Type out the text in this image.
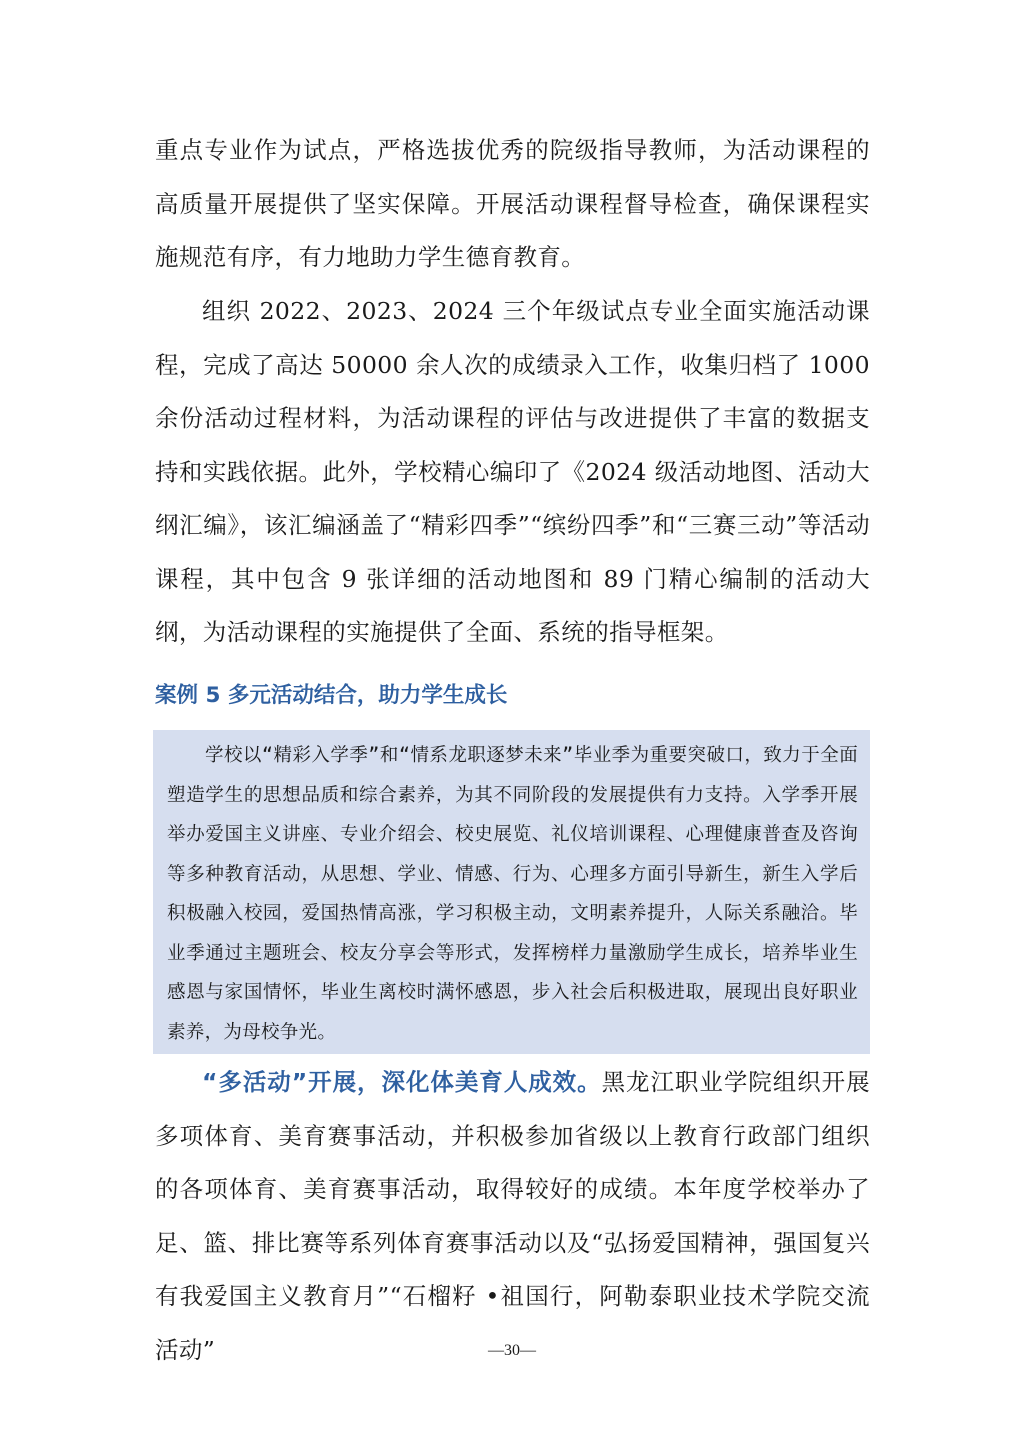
重点专业作为试点，严格选拔优秀的院级指导教师，为活动课程的高质量开展提供了坚实保障。开展活动课程督导检查，确保课程实施规范有序，有力地助力学生德育教育。

组织 2022、2023、2024 三个年级试点专业全面实施活动课程，完成了高达 50000 余人次的成绩录入工作，收集归档了 1000 余份活动过程材料，为活动课程的评估与改进提供了丰富的数据支持和实践依据。此外，学校精心编印了《2024 级活动地图、活动大纲汇编》，该汇编涵盖了“精彩四季”“缤纷四季”和“三赛三动”等活动课程，其中包含 9 张详细的活动地图和 89 门精心编制的活动大纲，为活动课程的实施提供了全面、系统的指导框架。

案例 5 多元活动结合，助力学生成长

学校以“精彩入学季”和“情系龙职逐梦未来”毕业季为重要突破口，致力于全面塑造学生的思想品质和综合素养，为其不同阶段的发展提供有力支持。入学季开展举办爱国主义讲座、专业介绍会、校史展览、礼仪培训课程、心理健康普查及咨询等多种教育活动，从思想、学业、情感、行为、心理多方面引导新生，新生入学后积极融入校园，爱国热情高涨，学习积极主动，文明素养提升，人际关系融洽。毕业季通过主题班会、校友分享会等形式，发挥榜样力量激励学生成长，培养毕业生感恩与家国情怀，毕业生离校时满怀感恩，步入社会后积极进取，展现出良好职业素养，为母校争光。

“多活动”开展，深化体美育人成效。黑龙江职业学院组织开展多项体育、美育赛事活动，并积极参加省级以上教育行政部门组织的各项体育、美育赛事活动，取得较好的成绩。本年度学校举办了足、篮、排比赛等系列体育赛事活动以及“弘扬爱国精神，强国复兴有我爱国主义教育月”“石榴籽 •祖国行，阿勒泰职业技术学院交流活动”	—30—
